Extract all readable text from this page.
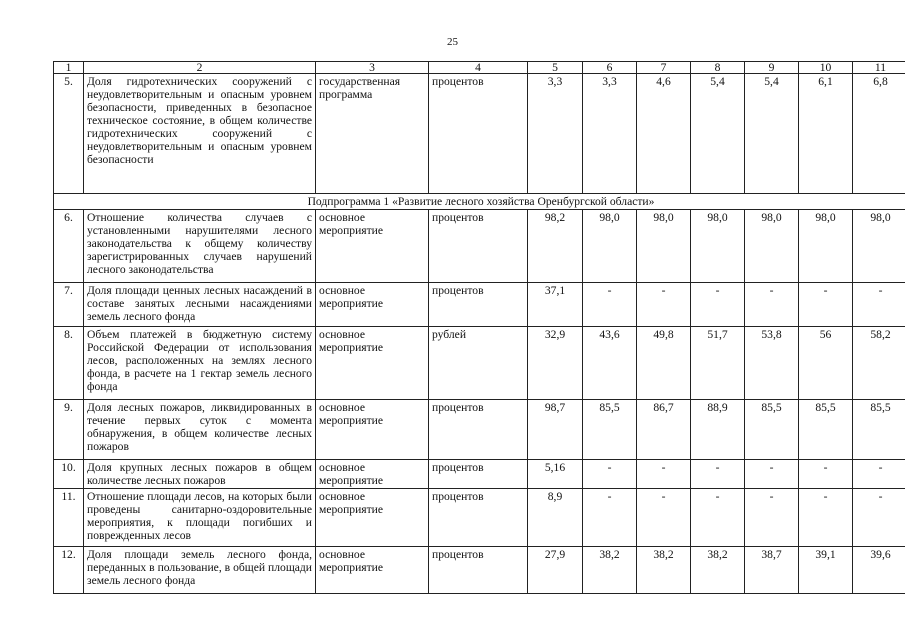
25
1	2	3	4	5	6	7	8	9	10	11
5.	Доля гидротехнических сооружений с неудовлетворительным и опасным уровнем безопасности, приведенных в безопасное техническое состояние, в общем количестве гидротехнических сооружений с неудовлетворительным и опасным уровнем безопасности	государственная программа	процентов	3,3	3,3	4,6	5,4	5,4	6,1	6,8
Подпрограмма 1 «Развитие лесного хозяйства Оренбургской области»										
6.	Отношение количества случаев с установленными нарушителями лесного законодательства к общему количеству зарегистрированных случаев нарушений лесного законодательства	основное мероприятие	процентов	98,2	98,0	98,0	98,0	98,0	98,0	98,0
7.	Доля площади ценных лесных насаждений в составе занятых лесными насаждениями земель лесного фонда	основное мероприятие	процентов	37,1	-	-	-	-	-	-
8.	Объем платежей в бюджетную систему Российской Федерации от использования лесов, расположенных на землях лесного фонда, в расчете на 1 гектар земель лесного фонда	основное мероприятие	рублей	32,9	43,6	49,8	51,7	53,8	56	58,2
9.	Доля лесных пожаров, ликвидированных в течение первых суток с момента обнаружения, в общем количестве лесных пожаров	основное мероприятие	процентов	98,7	85,5	86,7	88,9	85,5	85,5	85,5
10.	Доля крупных лесных пожаров в общем количестве лесных пожаров	основное мероприятие	процентов	5,16	-	-	-	-	-	-
11.	Отношение площади лесов, на которых были проведены санитарно-оздоровительные мероприятия, к площади погибших и поврежденных лесов	основное мероприятие	процентов	8,9	-	-	-	-	-	-
12.	Доля площади земель лесного фонда, переданных в пользование, в общей площади земель лесного фонда	основное мероприятие	процентов	27,9	38,2	38,2	38,2	38,7	39,1	39,6
